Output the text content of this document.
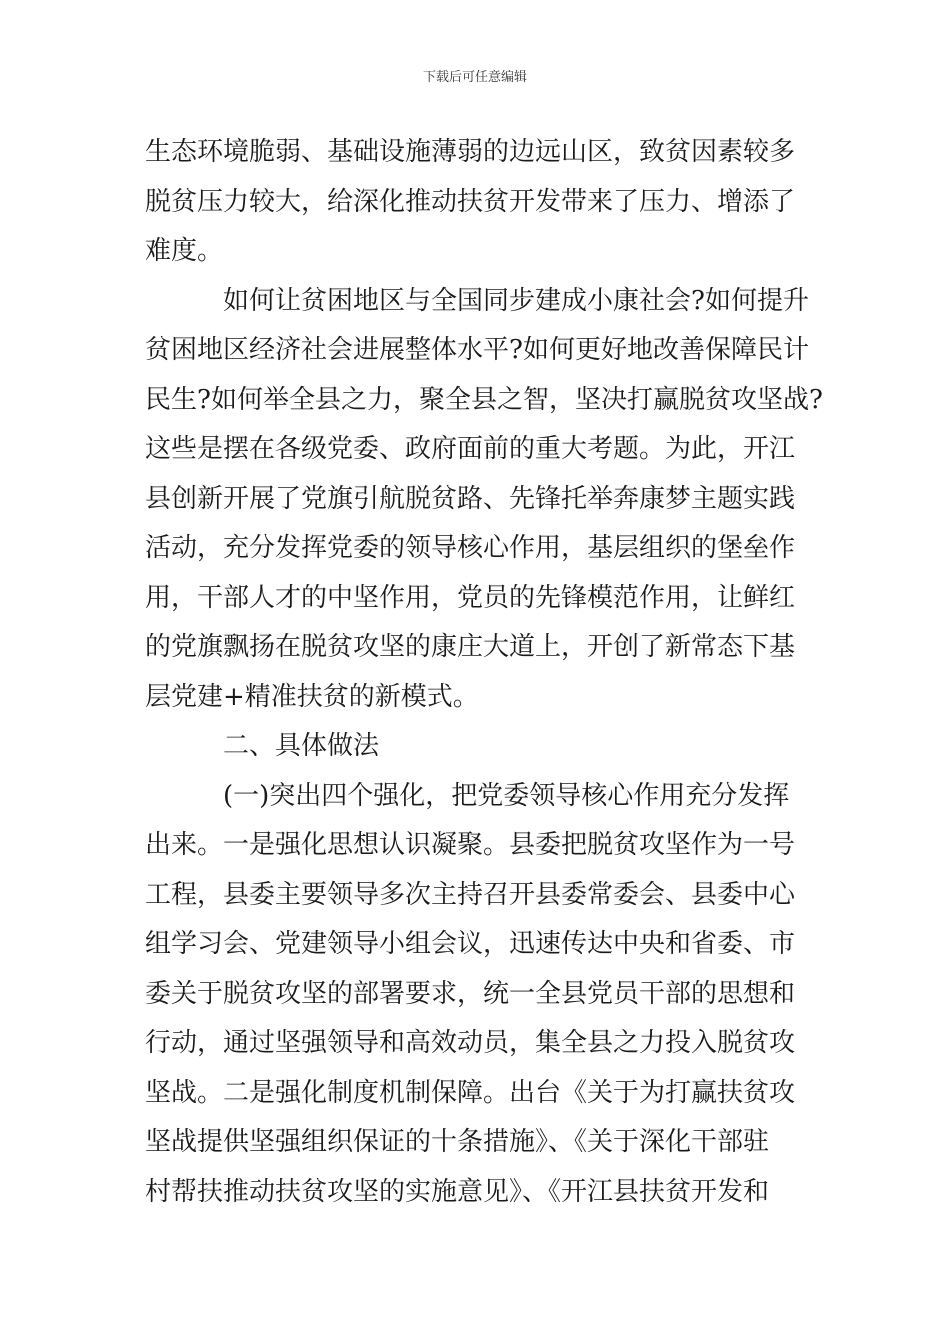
下载后可任意编辑
生态环境脆弱、基础设施薄弱的边远山区，致贫因素较多
脱贫压力较大，给深化推动扶贫开发带来了压力、增添了
难度。
如何让贫困地区与全国同步建成小康社会?如何提升
贫困地区经济社会进展整体水平?如何更好地改善保障民计
民生?如何举全县之力，聚全县之智，坚决打赢脱贫攻坚战?
这些是摆在各级党委、政府面前的重大考题。为此，开江
县创新开展了党旗引航脱贫路、先锋托举奔康梦主题实践
活动，充分发挥党委的领导核心作用，基层组织的堡垒作
用，干部人才的中坚作用，党员的先锋模范作用，让鲜红
的党旗飘扬在脱贫攻坚的康庄大道上，开创了新常态下基
层党建+精准扶贫的新模式。
二、具体做法
(一)突出四个强化，把党委领导核心作用充分发挥
出来。一是强化思想认识凝聚。县委把脱贫攻坚作为一号
工程，县委主要领导多次主持召开县委常委会、县委中心
组学习会、党建领导小组会议，迅速传达中央和省委、市
委关于脱贫攻坚的部署要求，统一全县党员干部的思想和
行动，通过坚强领导和高效动员，集全县之力投入脱贫攻
坚战。二是强化制度机制保障。出台《关于为打赢扶贫攻
坚战提供坚强组织保证的十条措施》、《关于深化干部驻
村帮扶推动扶贫攻坚的实施意见》、《开江县扶贫开发和
